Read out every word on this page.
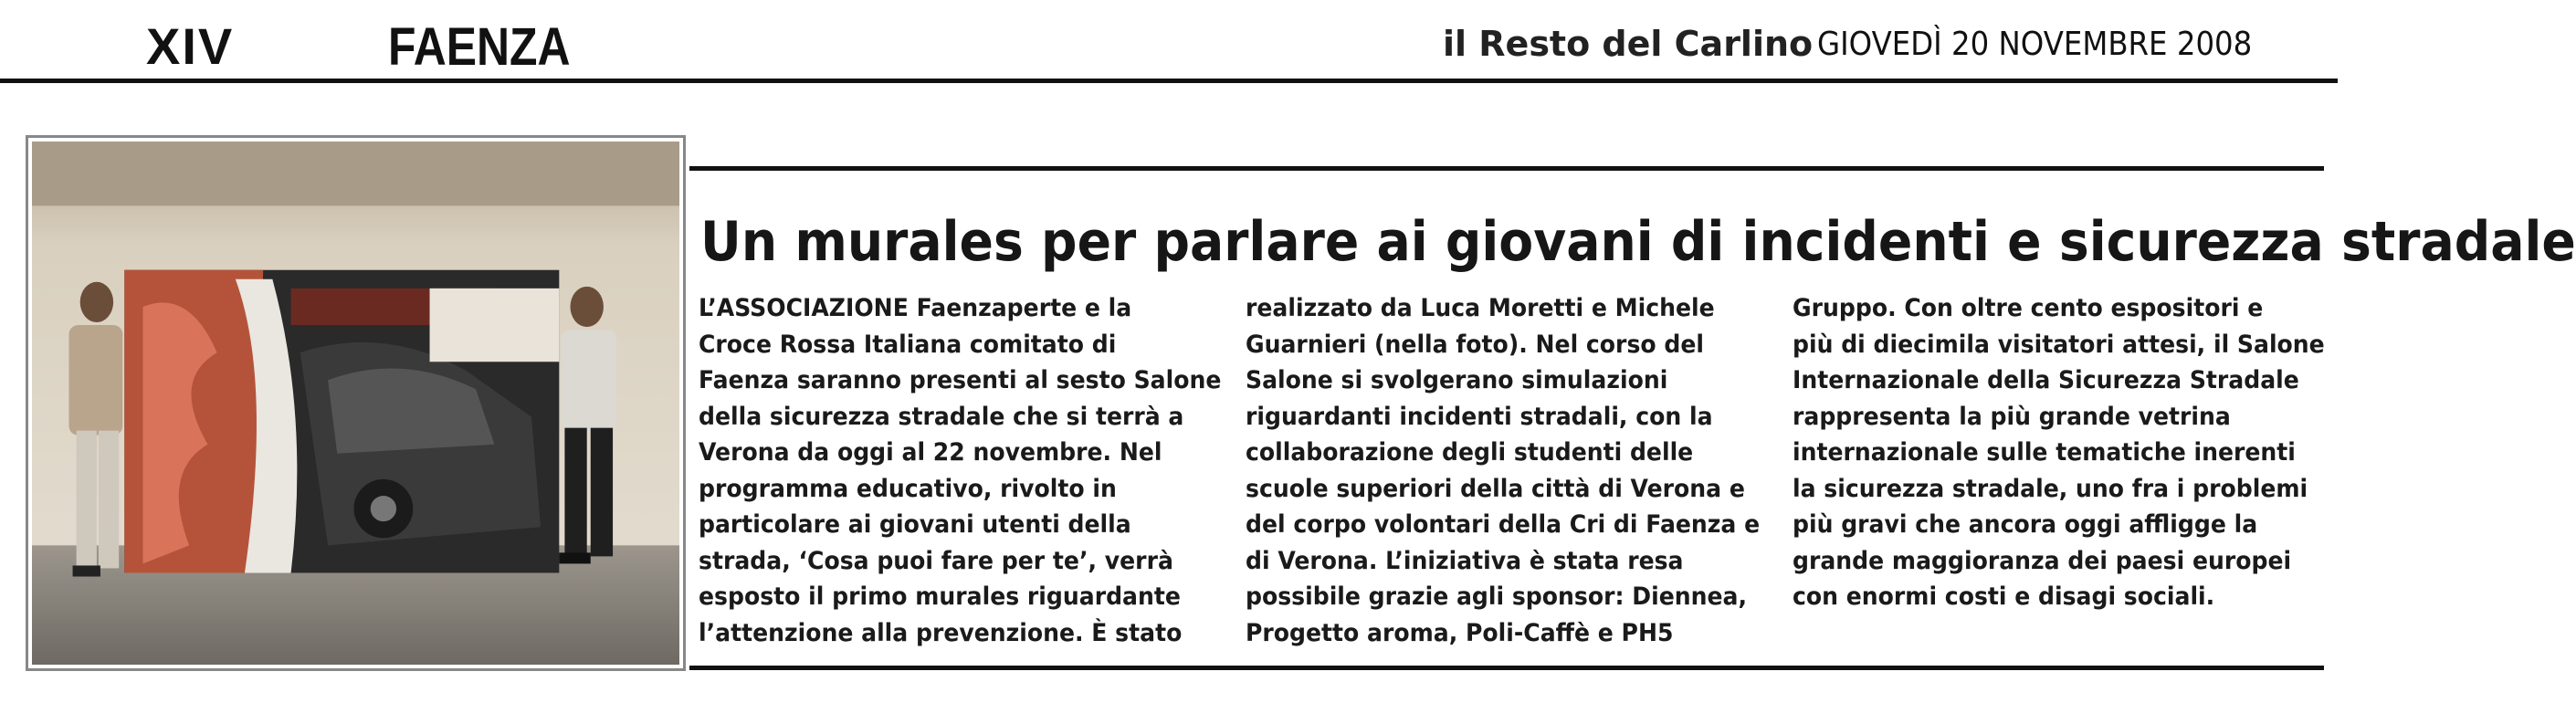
XIV	FAENZA	il Resto del Carlino GIOVEDÌ 20 NOVEMBRE 2008
Un murales per parlare ai giovani di incidenti e sicurezza stradale
L’ASSOCIAZIONE Faenzaperte e la
Croce Rossa Italiana comitato di
Faenza saranno presenti al sesto Salone
della sicurezza stradale che si terrà a
Verona da oggi al 22 novembre. Nel
programma educativo, rivolto in
particolare ai giovani utenti della
strada, ‘Cosa puoi fare per te’, verrà
esposto il primo murales riguardante
l’attenzione alla prevenzione. È stato
realizzato da Luca Moretti e Michele
Guarnieri (nella foto). Nel corso del
Salone si svolgerano simulazioni
riguardanti incidenti stradali, con la
collaborazione degli studenti delle
scuole superiori della città di Verona e
del corpo volontari della Cri di Faenza e
di Verona. L’iniziativa è stata resa
possibile grazie agli sponsor: Diennea,
Progetto aroma, Poli-Caffè e PH5
Gruppo. Con oltre cento espositori e
più di diecimila visitatori attesi, il Salone
Internazionale della Sicurezza Stradale
rappresenta la più grande vetrina
internazionale sulle tematiche inerenti
la sicurezza stradale, uno fra i problemi
più gravi che ancora oggi affligge la
grande maggioranza dei paesi europei
con enormi costi e disagi sociali.
